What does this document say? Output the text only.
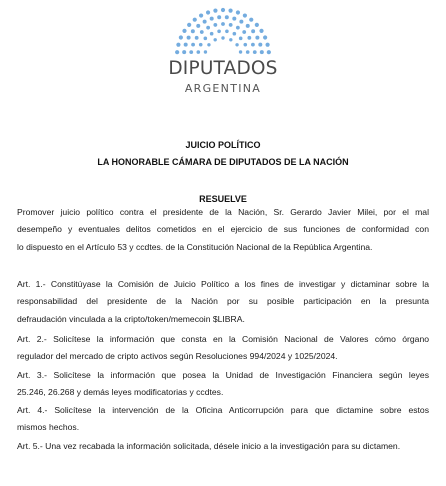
DIPUTADOS
ARGENTINA
JUICIO POLÍTICO
LA HONORABLE CÁMARA DE DIPUTADOS DE LA NACIÓN
RESUELVE
Promover juicio político contra el presidente de la Nación, Sr. Gerardo Javier Milei, por el mal
desempeño y eventuales delitos cometidos en el ejercicio de sus funciones de conformidad con
lo dispuesto en el Artículo 53 y ccdtes. de la Constitución Nacional de la República Argentina.
Art. 1.- Constitúyase la Comisión de Juicio Político a los fines de investigar y dictaminar sobre la
responsabilidad del presidente de la Nación por su posible participación en la presunta
defraudación vinculada a la cripto/token/memecoin $LIBRA.
Art. 2.- Solicítese la información que consta en la Comisión Nacional de Valores cómo órgano
regulador del mercado de cripto activos según Resoluciones 994/2024 y 1025/2024.
Art. 3.- Solicítese la información que posea la Unidad de Investigación Financiera según leyes
25.246, 26.268 y demás leyes modificatorias y ccdtes.
Art. 4.- Solicítese la intervención de la Oficina Anticorrupción para que dictamine sobre estos
mismos hechos.
Art. 5.- Una vez recabada la información solicitada, désele inicio a la investigación para su dictamen.
